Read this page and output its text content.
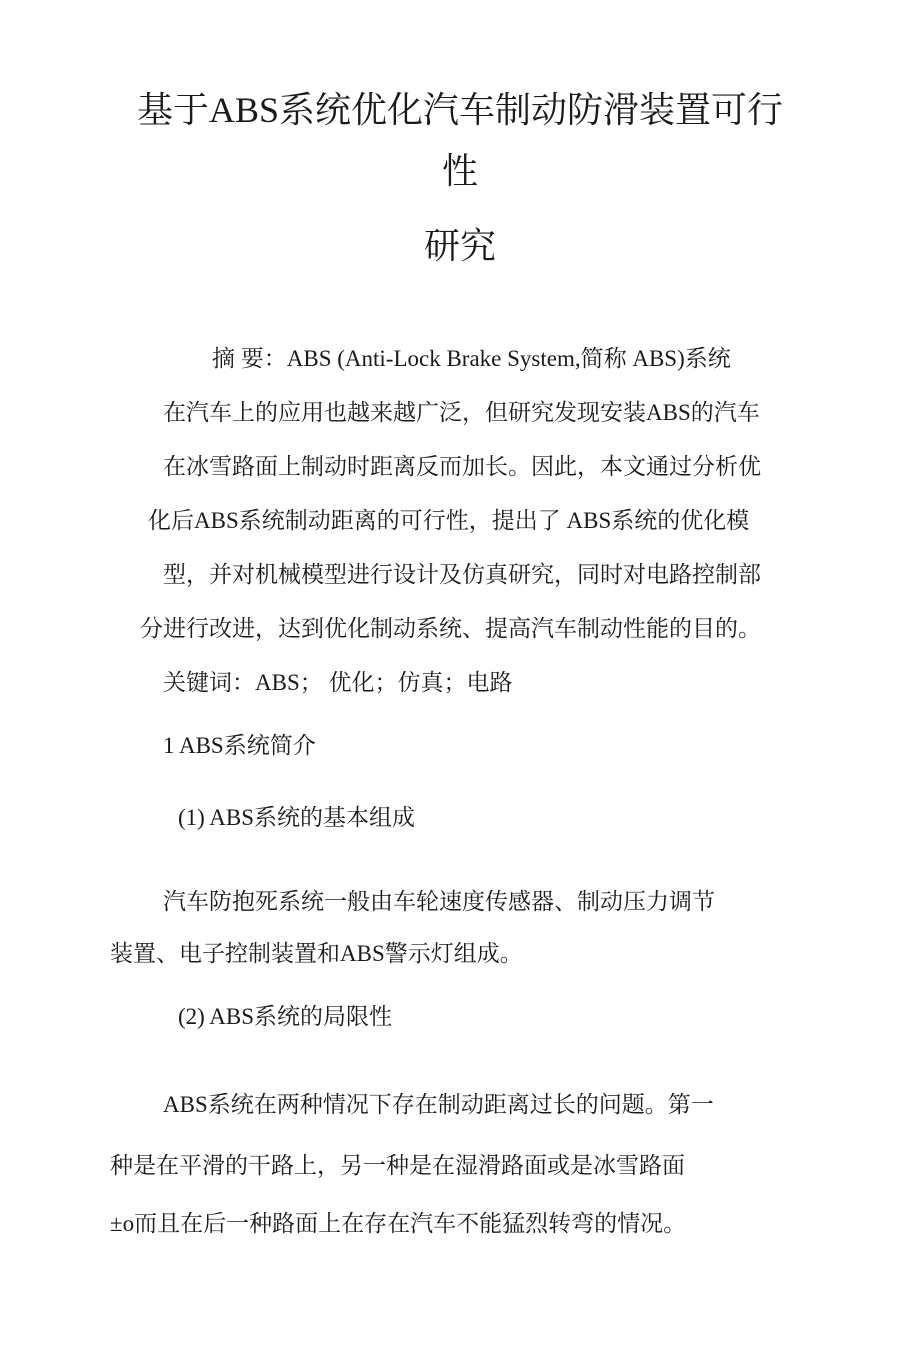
基于ABS系统优化汽车制动防滑装置可行
性
研究
摘 要：ABS (Anti-Lock Brake System,简称 ABS)系统
在汽车上的应用也越来越广泛，但研究发现安装ABS的汽车
在冰雪路面上制动时距离反而加长。因此，本文通过分析优
化后ABS系统制动距离的可行性，提出了 ABS系统的优化模
型，并对机械模型进行设计及仿真研究，同时对电路控制部
分进行改进，达到优化制动系统、提高汽车制动性能的目的。
关键词：ABS； 优化；仿真；电路
1 ABS系统简介
(1) ABS系统的基本组成
汽车防抱死系统一般由车轮速度传感器、制动压力调节
装置、电子控制装置和ABS警示灯组成。
(2) ABS系统的局限性
ABS系统在两种情况下存在制动距离过长的问题。第一
种是在平滑的干路上，另一种是在湿滑路面或是冰雪路面
±o而且在后一种路面上在存在汽车不能猛烈转弯的情况。
